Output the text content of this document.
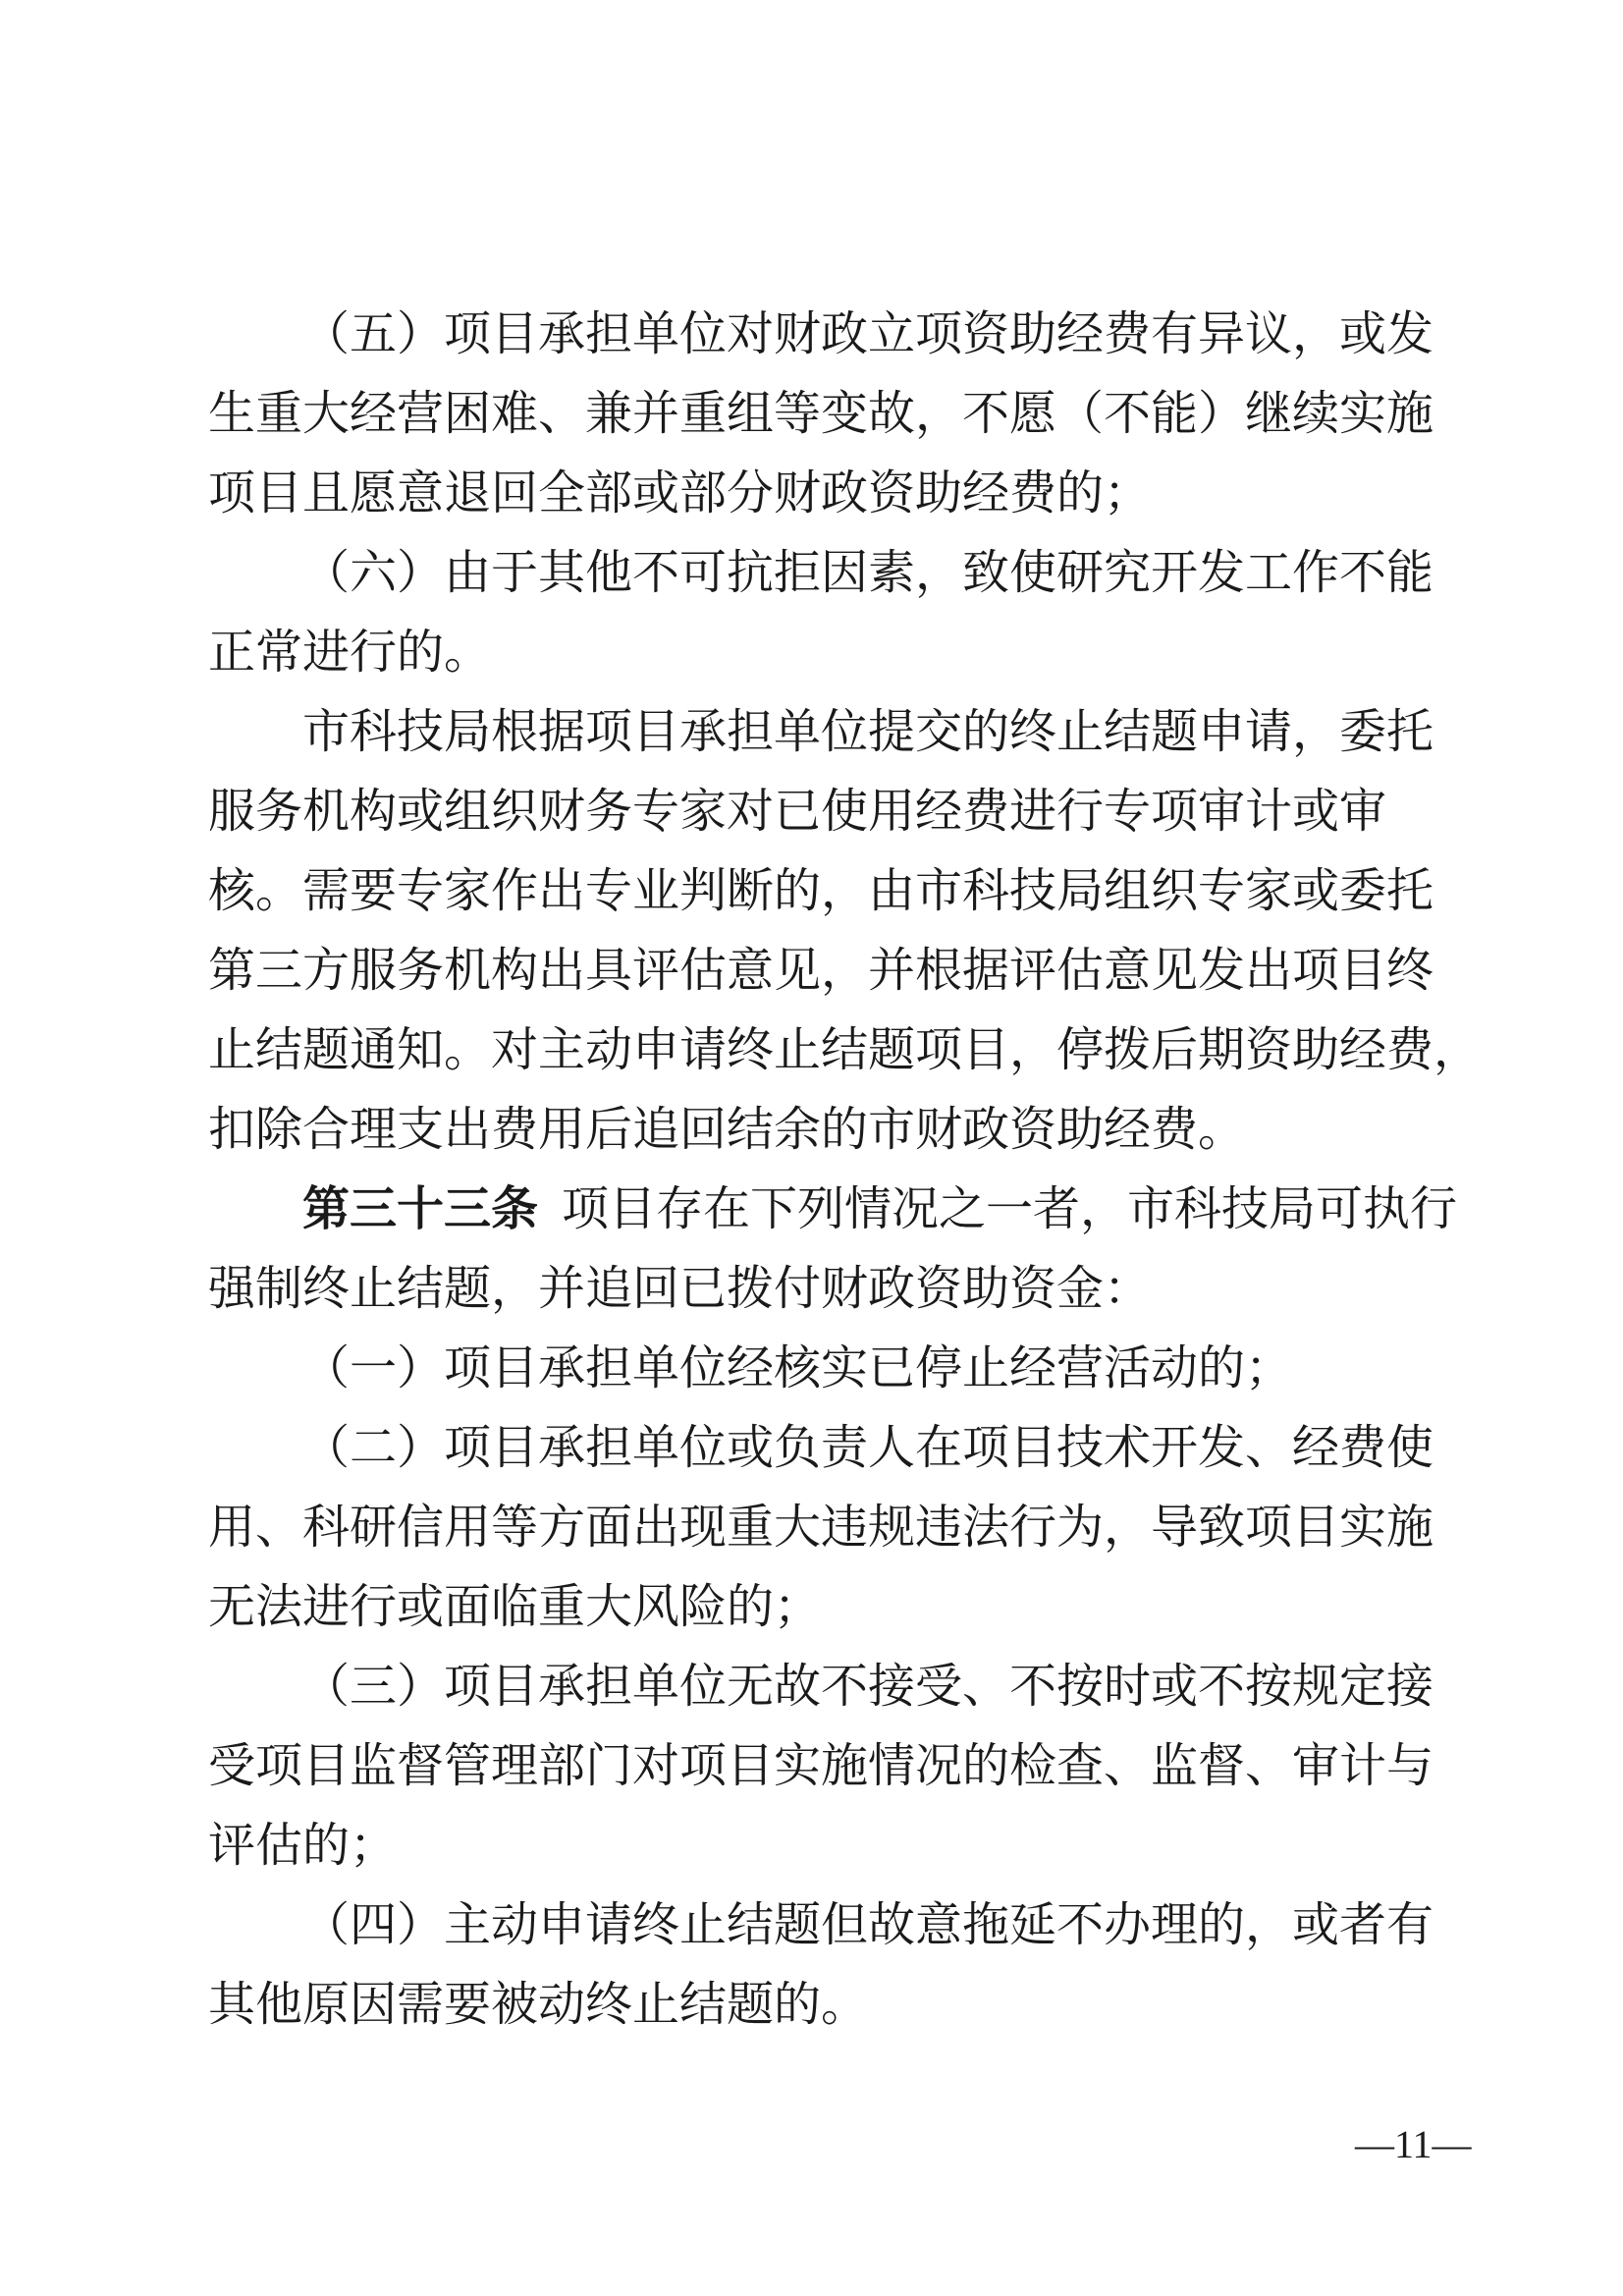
（五）项目承担单位对财政立项资助经费有异议，或发
生重大经营困难、兼并重组等变故，不愿（不能）继续实施
项目且愿意退回全部或部分财政资助经费的；
（六）由于其他不可抗拒因素，致使研究开发工作不能
正常进行的。
市科技局根据项目承担单位提交的终止结题申请，委托
服务机构或组织财务专家对已使用经费进行专项审计或审
核。需要专家作出专业判断的，由市科技局组织专家或委托
第三方服务机构出具评估意见，并根据评估意见发出项目终
止结题通知。对主动申请终止结题项目，停拨后期资助经费，
扣除合理支出费用后追回结余的市财政资助经费。
第三十三条  项目存在下列情况之一者，市科技局可执行
强制终止结题，并追回已拨付财政资助资金：
（一）项目承担单位经核实已停止经营活动的；
（二）项目承担单位或负责人在项目技术开发、经费使
用、科研信用等方面出现重大违规违法行为，导致项目实施
无法进行或面临重大风险的；
（三）项目承担单位无故不接受、不按时或不按规定接
受项目监督管理部门对项目实施情况的检查、监督、审计与
评估的；
（四）主动申请终止结题但故意拖延不办理的，或者有
其他原因需要被动终止结题的。
—11—
